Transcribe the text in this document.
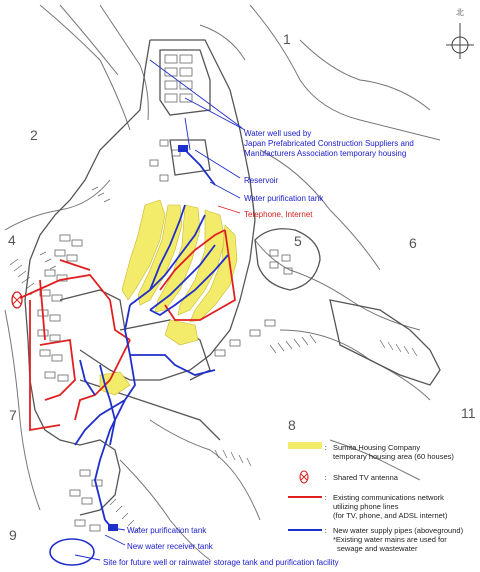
北
1
2
4	5	6
7
8
9
11
Water well used by
Japan Prefabricated Construction Suppliers and
Manufacturers Association temporary housing
Reservoir
Water purification tank
Telephone, Internet
Water purification tank
New water receiver tank
Site for future well or rainwater storage tank and purification facility
： Sumita Housing Company
temporary housing area (60 houses)
： Shared TV antenna
： Existing communications network
utilizing phone lines
(for TV, phone, and ADSL internet)
： New water supply pipes (aboveground)
*Existing water mains are used for
sewage and wastewater
